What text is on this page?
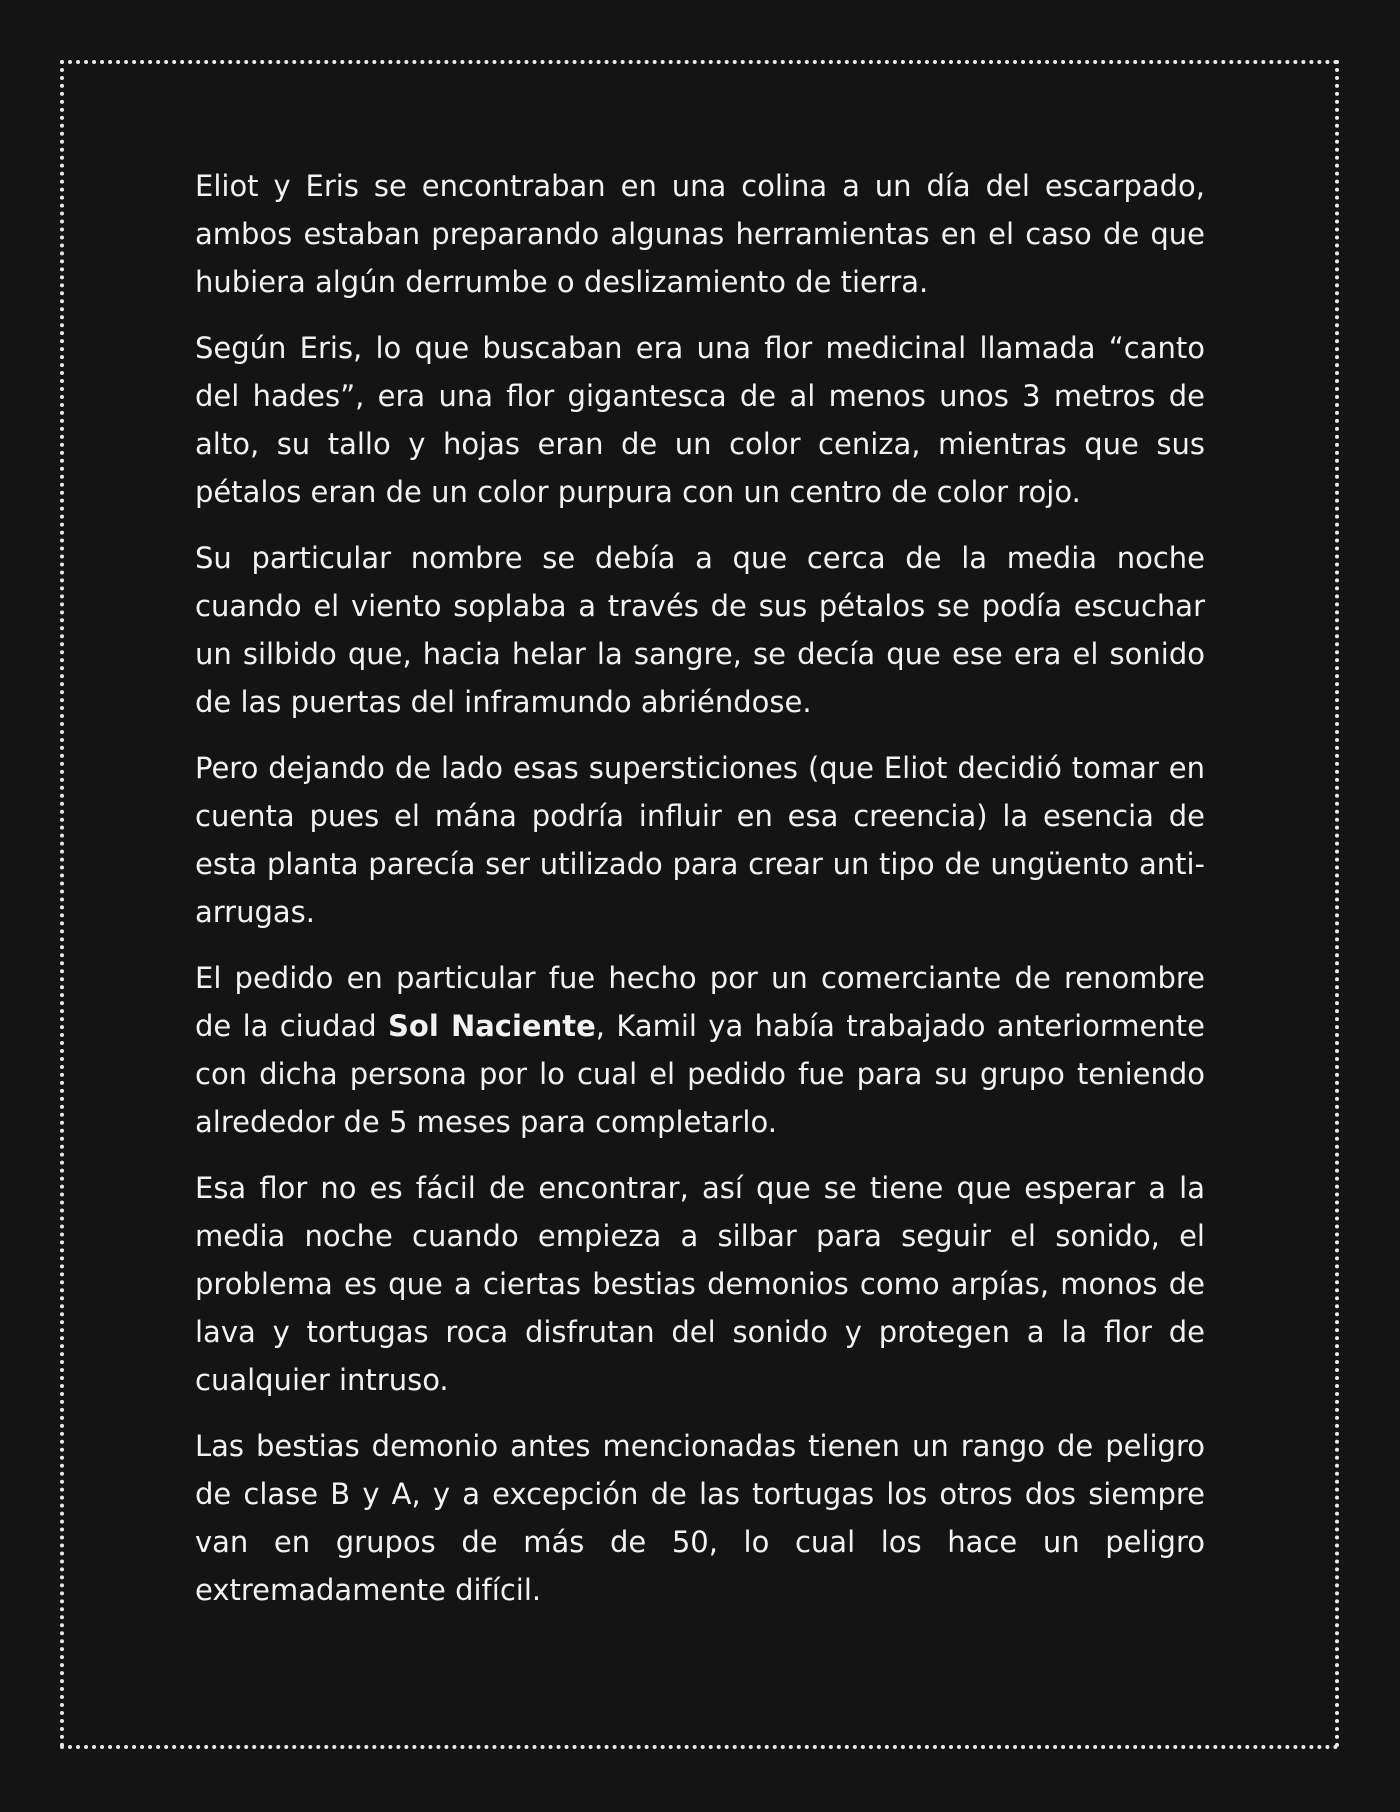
Eliot y Eris se encontraban en una colina a un día del escarpado, ambos estaban preparando algunas herramientas en el caso de que hubiera algún derrumbe o deslizamiento de tierra.

Según Eris, lo que buscaban era una flor medicinal llamada “canto del hades”, era una flor gigantesca de al menos unos 3 metros de alto, su tallo y hojas eran de un color ceniza, mientras que sus pétalos eran de un color purpura con un centro de color rojo.

Su particular nombre se debía a que cerca de la media noche cuando el viento soplaba a través de sus pétalos se podía escuchar un silbido que, hacia helar la sangre, se decía que ese era el sonido de las puertas del inframundo abriéndose.

Pero dejando de lado esas supersticiones (que Eliot decidió tomar en cuenta pues el mána podría influir en esa creencia) la esencia de esta planta parecía ser utilizado para crear un tipo de ungüento anti-arrugas.

El pedido en particular fue hecho por un comerciante de renombre de la ciudad Sol Naciente, Kamil ya había trabajado anteriormente con dicha persona por lo cual el pedido fue para su grupo teniendo alrededor de 5 meses para completarlo.

Esa flor no es fácil de encontrar, así que se tiene que esperar a la media noche cuando empieza a silbar para seguir el sonido, el problema es que a ciertas bestias demonios como arpías, monos de lava y tortugas roca disfrutan del sonido y protegen a la flor de cualquier intruso.

Las bestias demonio antes mencionadas tienen un rango de peligro de clase B y A, y a excepción de las tortugas los otros dos siempre van en grupos de más de 50, lo cual los hace un peligro extremadamente difícil.
